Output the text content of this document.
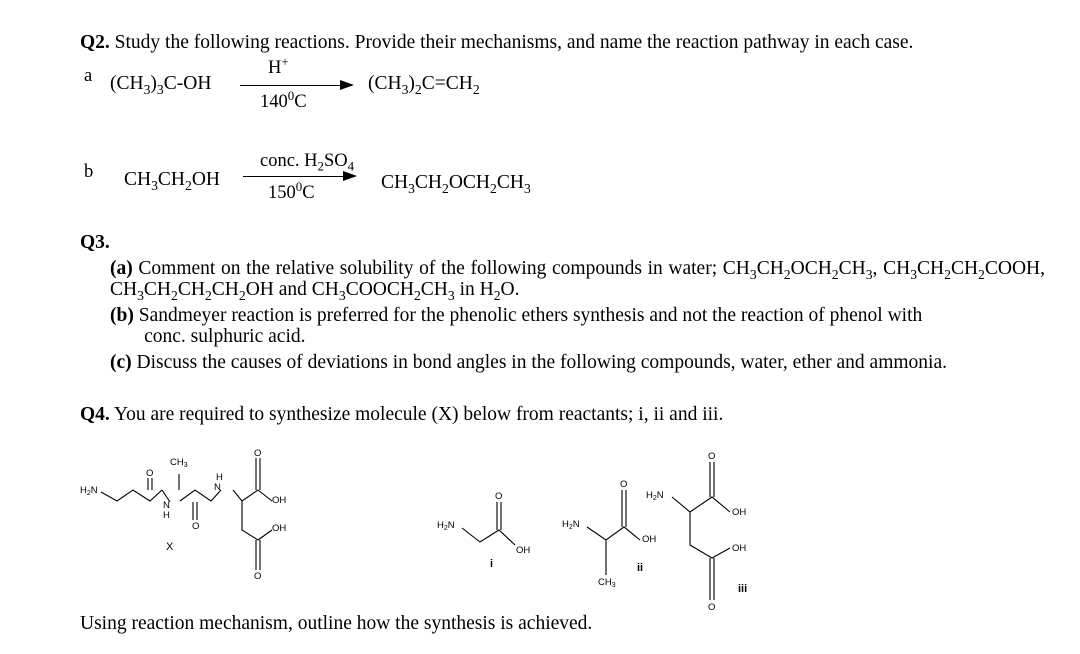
Q2. Study the following reactions. Provide their mechanisms, and name the reaction pathway in each case.
a $(CH_3)_3C-OH$
H+
$140^0C$
$(CH_3)_2C=CH_2$
b $CH_3CH_2OH$
conc. $H_2SO_4$
$150^0C$	$CH_3CH_2OCH_2CH_3$
Q3.
(a) Comment on the relative solubility of the following compounds in water; $CH_3CH_2OCH_2CH_3$, $CH_3CH_2CH_2COOH$, $CH_3CH_2CH_2CH_2OH$ and $CH_3COOCH_2CH_3$ in $H_2O$.
(b) Sandmeyer reaction is preferred for the phenolic ethers synthesis and not the reaction of phenol with
conc. sulphuric acid.
(c) Discuss the causes of deviations in bond angles in the following compounds, water, ether and ammonia.
Q4. You are required to synthesize molecule (X) below from reactants; i, ii and iii.
$H_2N$
O
$CH_3$
N
H
O
H
N
O
OH
OH
O
X
$H_2N$
O
OH
i
$H_2N$
O
OH
$CH_3$
ii
$H_2N$
O
OH
OH
O
iii
Using reaction mechanism, outline how the synthesis is achieved.
